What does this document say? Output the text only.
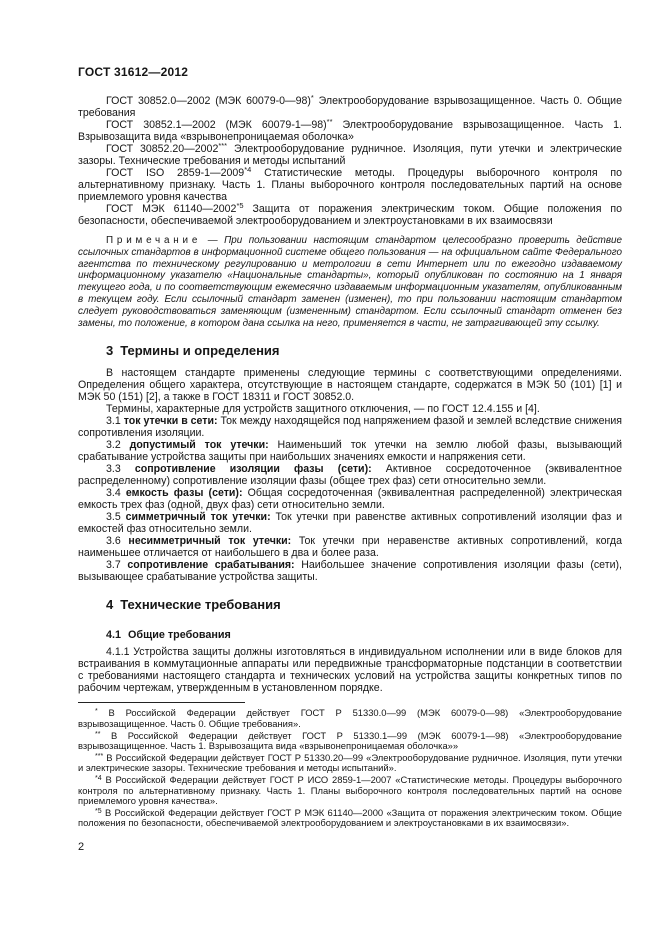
ГОСТ 31612—2012

ГОСТ 30852.0—2002 (МЭК 60079-0—98)* Электрооборудование взрывозащищенное. Часть 0. Общие требования

ГОСТ 30852.1—2002 (МЭК 60079-1—98)** Электрооборудование взрывозащищенное. Часть 1. Взрывозащита вида «взрывонепроницаемая оболочка»

ГОСТ 30852.20—2002*** Электрооборудование рудничное. Изоляция, пути утечки и электрические зазоры. Технические требования и методы испытаний

ГОСТ ISO 2859-1—2009$^{*4}$ Статистические методы. Процедуры выборочного контроля по альтернативному признаку. Часть 1. Планы выборочного контроля последовательных партий на основе приемлемого уровня качества

ГОСТ МЭК 61140—2002$^{*5}$ Защита от поражения электрическим током. Общие положения по безопасности, обеспечиваемой электрооборудованием и электроустановками в их взаимосвязи

Примечание — При пользовании настоящим стандартом целесообразно проверить действие ссылочных стандартов в информационной системе общего пользования — на официальном сайте Федерального агентства по техническому регулированию и метрологии в сети Интернет или по ежегодно издаваемому информационному указателю «Национальные стандарты», который опубликован по состоянию на 1 января текущего года, и по соответствующим ежемесячно издаваемым информационным указателям, опубликованным в текущем году. Если ссылочный стандарт заменен (изменен), то при пользовании настоящим стандартом следует руководствоваться заменяющим (измененным) стандартом. Если ссылочный стандарт отменен без замены, то положение, в котором дана ссылка на него, применяется в части, не затрагивающей эту ссылку.

3 Термины и определения

В настоящем стандарте применены следующие термины с соответствующими определениями. Определения общего характера, отсутствующие в настоящем стандарте, содержатся в МЭК 50 (101) [1] и МЭК 50 (151) [2], а также в ГОСТ 18311 и ГОСТ 30852.0.

Термины, характерные для устройств защитного отключения, — по ГОСТ 12.4.155 и [4].

3.1 ток утечки в сети: Ток между находящейся под напряжением фазой и землей вследствие снижения сопротивления изоляции.

3.2 допустимый ток утечки: Наименьший ток утечки на землю любой фазы, вызывающий срабатывание устройства защиты при наибольших значениях емкости и напряжения сети.

3.3 сопротивление изоляции фазы (сети): Активное сосредоточенное (эквивалентное распределенному) сопротивление изоляции фазы (общее трех фаз) сети относительно земли.

3.4 емкость фазы (сети): Общая сосредоточенная (эквивалентная распределенной) электрическая емкость трех фаз (одной, двух фаз) сети относительно земли.

3.5 симметричный ток утечки: Ток утечки при равенстве активных сопротивлений изоляции фаз и емкостей фаз относительно земли.

3.6 несимметричный ток утечки: Ток утечки при неравенстве активных сопротивлений, когда наименьшее отличается от наибольшего в два и более раза.

3.7 сопротивление срабатывания: Наибольшее значение сопротивления изоляции фазы (сети), вызывающее срабатывание устройства защиты.

4 Технические требования
4.1 Общие требования

4.1.1 Устройства защиты должны изготовляться в индивидуальном исполнении или в виде блоков для встраивания в коммутационные аппараты или передвижные трансформаторные подстанции в соответствии с требованиями настоящего стандарта и технических условий на устройства защиты конкретных типов по рабочим чертежам, утвержденным в установленном порядке.

* В Российской Федерации действует ГОСТ Р 51330.0—99 (МЭК 60079-0—98) «Электрооборудование взрывозащищенное. Часть 0. Общие требования».

** В Российской Федерации действует ГОСТ Р 51330.1—99 (МЭК 60079-1—98) «Электрооборудование взрывозащищенное. Часть 1. Взрывозащита вида «взрывонепроницаемая оболочка»»

*** В Российской Федерации действует ГОСТ Р 51330.20—99 «Электрооборудование рудничное. Изоляция, пути утечки и электрические зазоры. Технические требования и методы испытаний».

$^{*4}$ В Российской Федерации действует ГОСТ Р ИСО 2859-1—2007 «Статистические методы. Процедуры выборочного контроля по альтернативному признаку. Часть 1. Планы выборочного контроля последовательных партий на основе приемлемого уровня качества».

$^{*5}$ В Российской Федерации действует ГОСТ Р МЭК 61140—2000 «Защита от поражения электрическим током. Общие положения по безопасности, обеспечиваемой электрооборудованием и электроустановками в их взаимосвязи».

2
